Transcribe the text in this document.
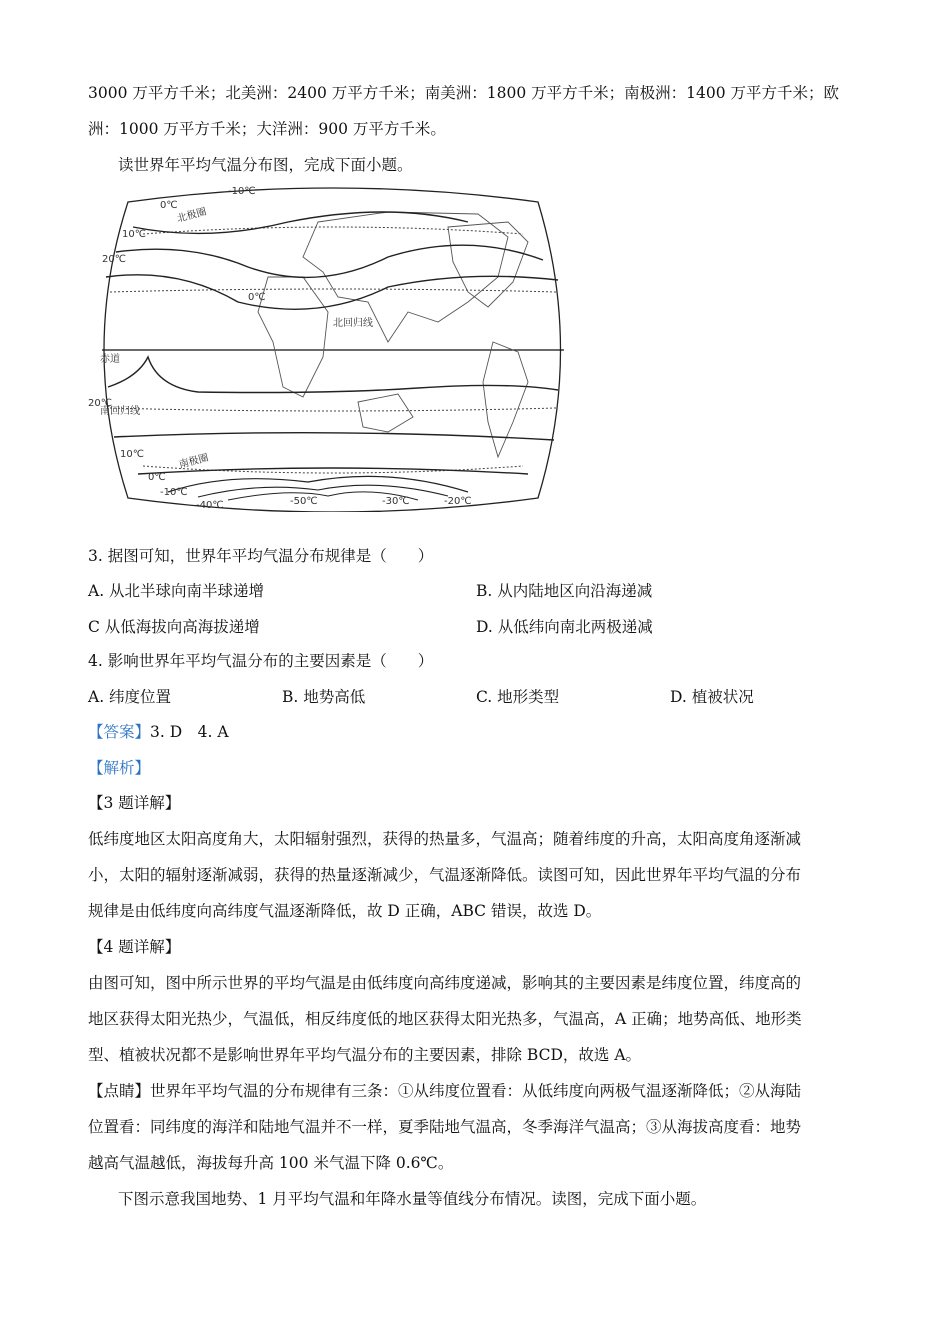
3000 万平方千米；北美洲：2400 万平方千米；南美洲：1800 万平方千米；南极洲：1400 万平方千米；欧
洲：1000 万平方千米；大洋洲：900 万平方千米。
读世界年平均气温分布图，完成下面小题。
-10℃
0℃
北极圈
10℃
20℃
0℃
北回归线
赤道
20℃
南回归线
10℃
0℃
南极圈
-10℃
-40℃	-50℃	-30℃	-20℃
3. 据图可知，世界年平均气温分布规律是（　　）
A. 从北半球向南半球递增	B. 从内陆地区向沿海递减
C 从低海拔向高海拔递增	D. 从低纬向南北两极递减
4. 影响世界年平均气温分布的主要因素是（　　）
A. 纬度位置	B. 地势高低	C. 地形类型	D. 植被状况
【答案】3. D　4. A
【解析】
【3 题详解】
低纬度地区太阳高度角大，太阳辐射强烈，获得的热量多，气温高；随着纬度的升高，太阳高度角逐渐减
小，太阳的辐射逐渐减弱，获得的热量逐渐减少，气温逐渐降低。读图可知，因此世界年平均气温的分布
规律是由低纬度向高纬度气温逐渐降低，故 D 正确，ABC 错误，故选 D。
【4 题详解】
由图可知，图中所示世界的平均气温是由低纬度向高纬度递减，影响其的主要因素是纬度位置，纬度高的
地区获得太阳光热少，气温低，相反纬度低的地区获得太阳光热多，气温高，A 正确；地势高低、地形类
型、植被状况都不是影响世界年平均气温分布的主要因素，排除 BCD，故选 A。
【点睛】世界年平均气温的分布规律有三条：①从纬度位置看：从低纬度向两极气温逐渐降低；②从海陆
位置看：同纬度的海洋和陆地气温并不一样，夏季陆地气温高，冬季海洋气温高；③从海拔高度看：地势
越高气温越低，海拔每升高 100 米气温下降 0.6℃。
下图示意我国地势、1 月平均气温和年降水量等值线分布情况。读图，完成下面小题。
